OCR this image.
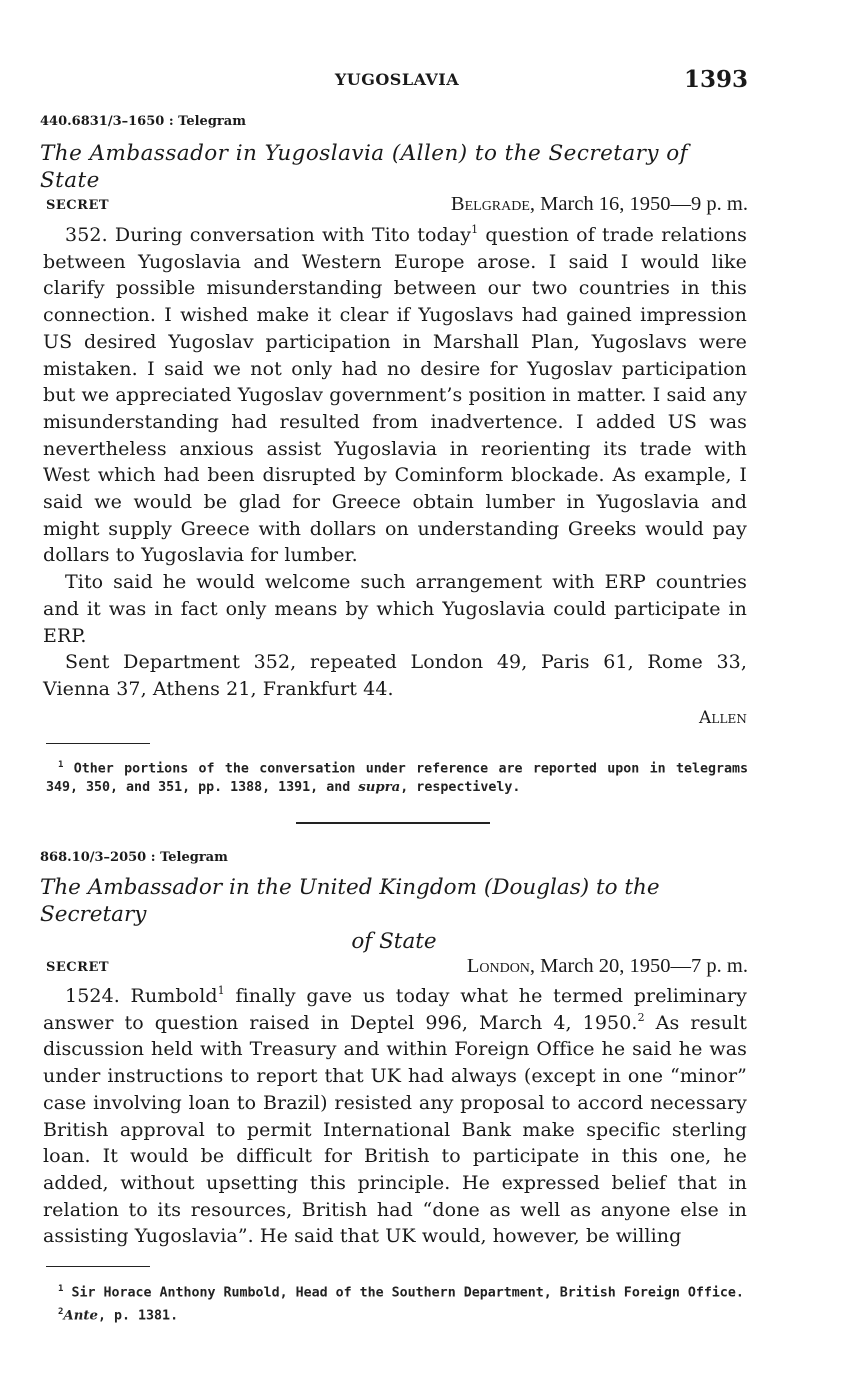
YUGOSLAVIA	1393
440.6831/3–1650 : Telegram
The Ambassador in Yugoslavia (Allen) to the Secretary of State
SECRET	Belgrade, March 16, 1950—9 p. m.

352. During conversation with Tito today$^1$ question of trade relations between Yugoslavia and Western Europe arose. I said I would like clarify possible misunderstanding between our two countries in this connection. I wished make it clear if Yugoslavs had gained impression US desired Yugoslav participation in Marshall Plan, Yugoslavs were mistaken. I said we not only had no desire for Yugoslav participation but we appreciated Yugoslav government’s position in matter. I said any misunderstanding had resulted from inadvertence. I added US was nevertheless anxious assist Yugoslavia in reorienting its trade with West which had been disrupted by Cominform blockade. As example, I said we would be glad for Greece obtain lumber in Yugoslavia and might supply Greece with dollars on understanding Greeks would pay dollars to Yugoslavia for lumber.

Tito said he would welcome such arrangement with ERP countries and it was in fact only means by which Yugoslavia could participate in ERP.

Sent Department 352, repeated London 49, Paris 61, Rome 33, Vienna 37, Athens 21, Frankfurt 44.

Allen

$^1$ Other portions of the conversation under reference are reported upon in telegrams 349, 350, and 351, pp. 1388, 1391, and supra, respectively.

868.10/3–2050 : Telegram
The Ambassador in the United Kingdom (Douglas) to the Secretary
of State
SECRET	London, March 20, 1950—7 p. m.

1524. Rumbold$^1$ finally gave us today what he termed preliminary answer to question raised in Deptel 996, March 4, 1950.$^2$ As result discussion held with Treasury and within Foreign Office he said he was under instructions to report that UK had always (except in one “minor” case involving loan to Brazil) resisted any proposal to accord necessary British approval to permit International Bank make specific sterling loan. It would be difficult for British to participate in this one, he added, without upsetting this principle. He expressed belief that in relation to its resources, British had “done as well as anyone else in assisting Yugoslavia”. He said that UK would, however, be willing

$^1$ Sir Horace Anthony Rumbold, Head of the Southern Department, British Foreign Office.

$^2$Ante, p. 1381.
